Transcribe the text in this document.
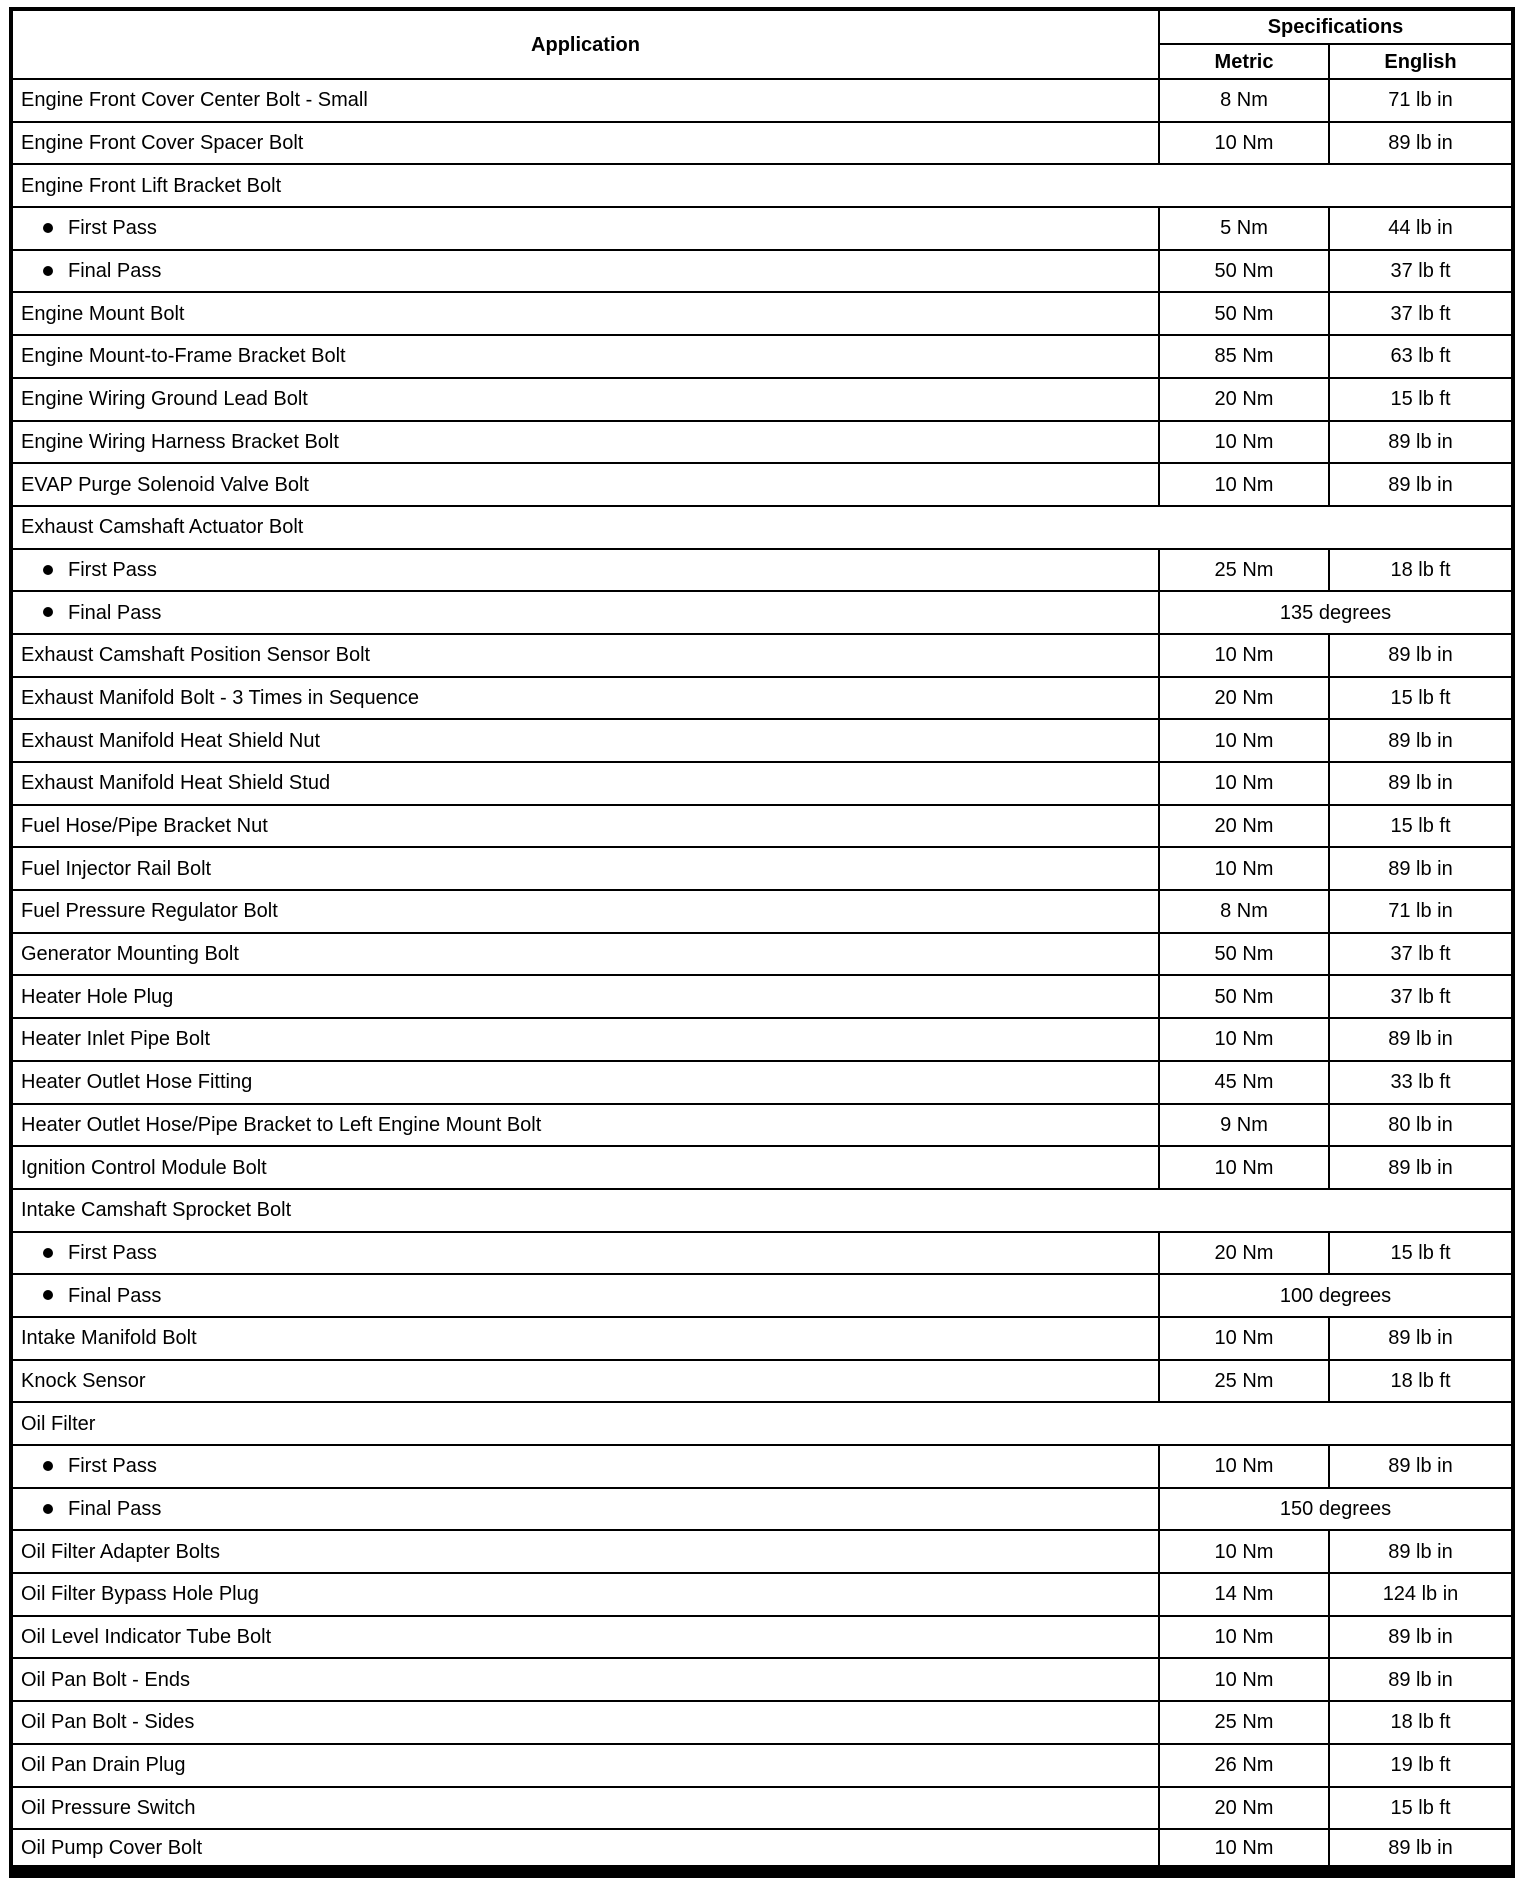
Application	Specifications	
	Metric	English
Engine Front Cover Center Bolt - Small	8 Nm	71 lb in
Engine Front Cover Spacer Bolt	10 Nm	89 lb in
Engine Front Lift Bracket Bolt		
First Pass	5 Nm	44 lb in
Final Pass	50 Nm	37 lb ft
Engine Mount Bolt	50 Nm	37 lb ft
Engine Mount-to-Frame Bracket Bolt	85 Nm	63 lb ft
Engine Wiring Ground Lead Bolt	20 Nm	15 lb ft
Engine Wiring Harness Bracket Bolt	10 Nm	89 lb in
EVAP Purge Solenoid Valve Bolt	10 Nm	89 lb in
Exhaust Camshaft Actuator Bolt		
First Pass	25 Nm	18 lb ft
Final Pass	135 degrees	
Exhaust Camshaft Position Sensor Bolt	10 Nm	89 lb in
Exhaust Manifold Bolt - 3 Times in Sequence	20 Nm	15 lb ft
Exhaust Manifold Heat Shield Nut	10 Nm	89 lb in
Exhaust Manifold Heat Shield Stud	10 Nm	89 lb in
Fuel Hose/Pipe Bracket Nut	20 Nm	15 lb ft
Fuel Injector Rail Bolt	10 Nm	89 lb in
Fuel Pressure Regulator Bolt	8 Nm	71 lb in
Generator Mounting Bolt	50 Nm	37 lb ft
Heater Hole Plug	50 Nm	37 lb ft
Heater Inlet Pipe Bolt	10 Nm	89 lb in
Heater Outlet Hose Fitting	45 Nm	33 lb ft
Heater Outlet Hose/Pipe Bracket to Left Engine Mount Bolt	9 Nm	80 lb in
Ignition Control Module Bolt	10 Nm	89 lb in
Intake Camshaft Sprocket Bolt		
First Pass	20 Nm	15 lb ft
Final Pass	100 degrees	
Intake Manifold Bolt	10 Nm	89 lb in
Knock Sensor	25 Nm	18 lb ft
Oil Filter		
First Pass	10 Nm	89 lb in
Final Pass	150 degrees	
Oil Filter Adapter Bolts	10 Nm	89 lb in
Oil Filter Bypass Hole Plug	14 Nm	124 lb in
Oil Level Indicator Tube Bolt	10 Nm	89 lb in
Oil Pan Bolt - Ends	10 Nm	89 lb in
Oil Pan Bolt - Sides	25 Nm	18 lb ft
Oil Pan Drain Plug	26 Nm	19 lb ft
Oil Pressure Switch	20 Nm	15 lb ft
Oil Pump Cover Bolt	10 Nm	89 lb in
